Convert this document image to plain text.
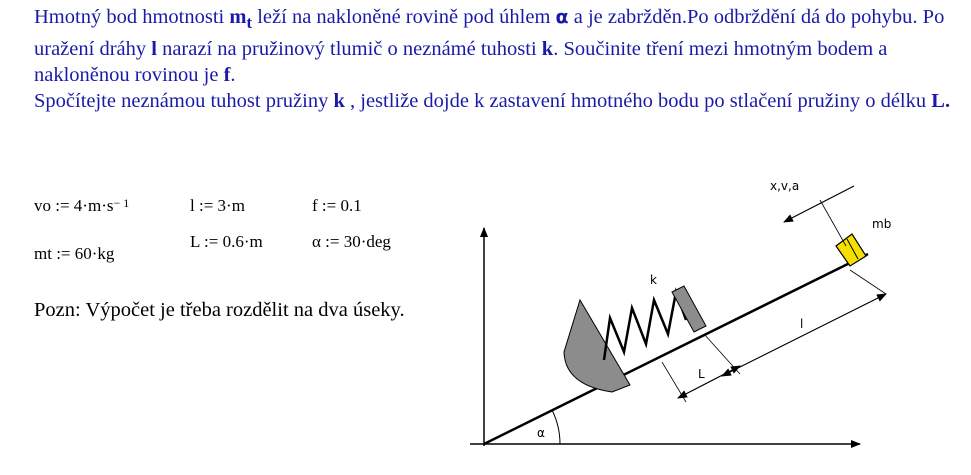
Hmotný bod hmotnosti $m_t$ leží na nakloněné rovině pod úhlem α a je zabržděn.Po odbrždění dá do pohybu. Po uražení dráhy l narazí na pružinový tlumič o neznámé tuhosti k. Součinite tření mezi hmotným bodem a nakloněnou rovinou je f.

Spočítejte neznámou tuhost pružiny k , jestliže dojde k zastavení hmotného bodu po stlačení pružiny o délku L.

vo := $4\cdot m\cdot s^{- 1}$	l := 3·m	f := 0.1
L := 0.6·m	α := 30·deg
mt := 60·kg
Pozn: Výpočet je třeba rozdělit na dva úseky.
α
k
mb
x,v,a
l
L
